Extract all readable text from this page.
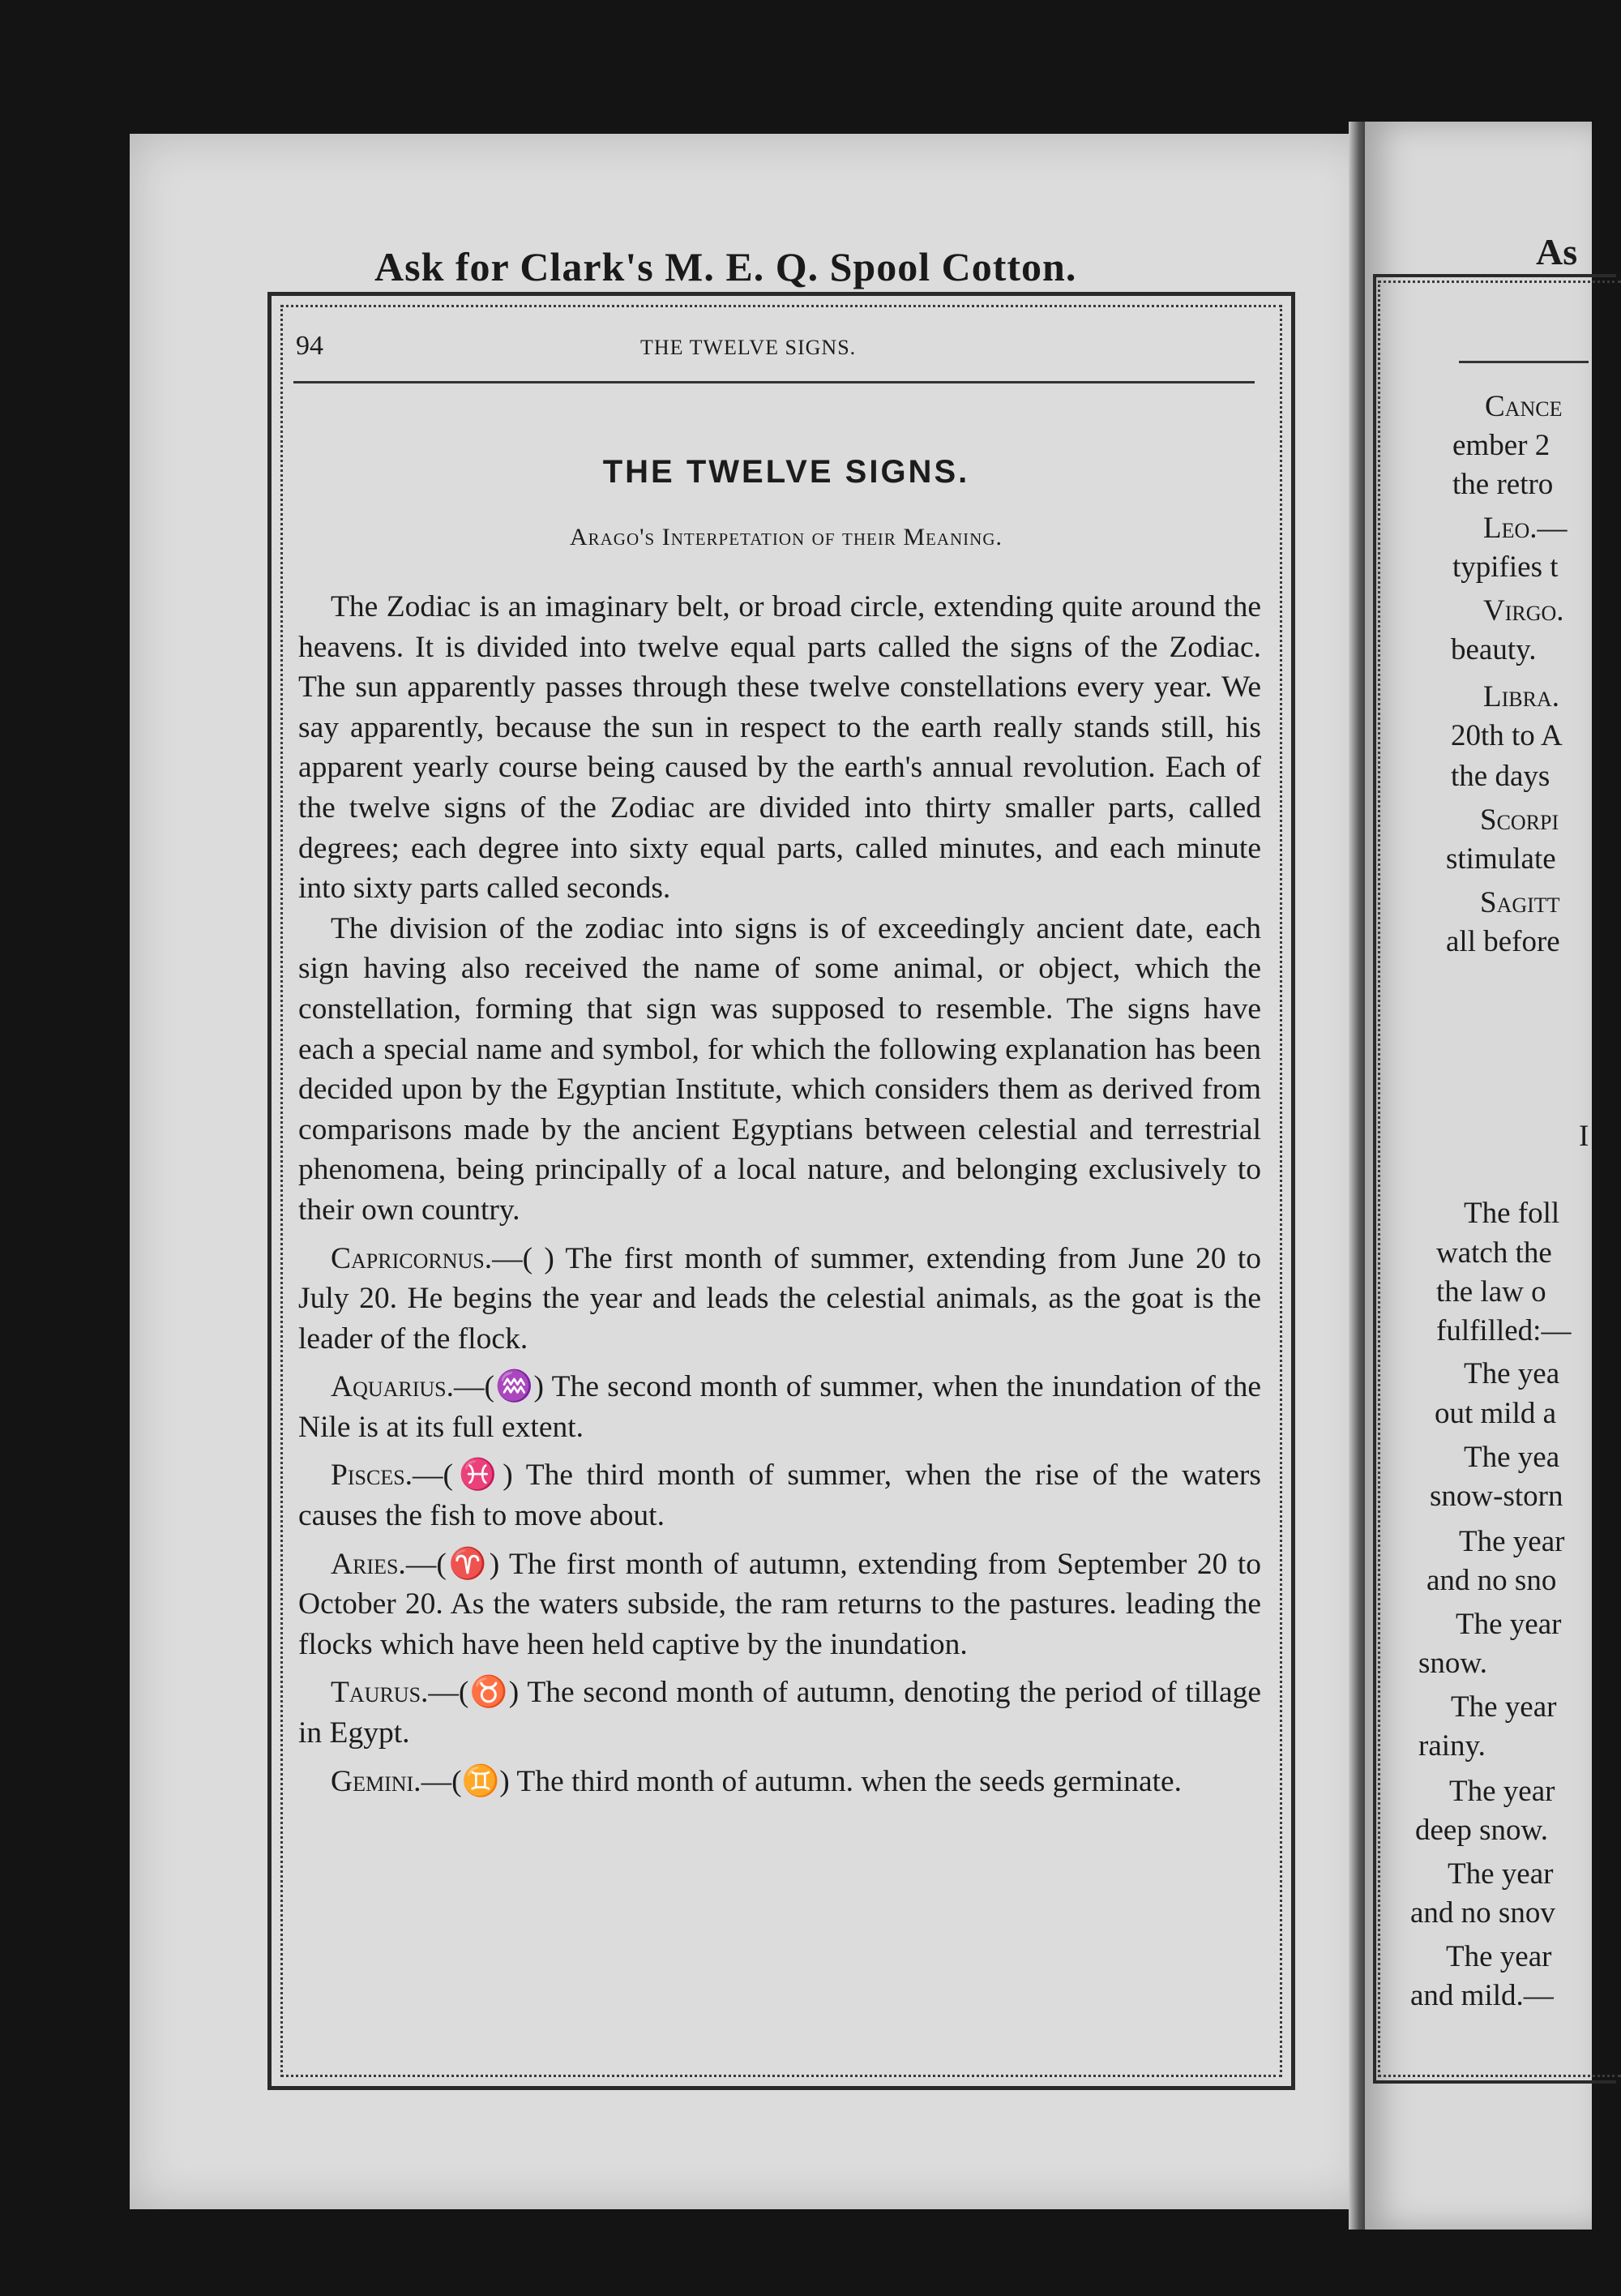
Ask for Clark's M. E. Q. Spool Cotton.
94	THE TWELVE SIGNS.
THE TWELVE SIGNS.
Arago's Interpetation of their Meaning.

The Zodiac is an imaginary belt, or broad circle, extending quite around the heavens. It is divided into twelve equal parts called the signs of the Zodiac. The sun apparently passes through these twelve constellations every year. We say apparently, because the sun in respect to the earth really stands still, his apparent yearly course being caused by the earth's annual revolution. Each of the twelve signs of the Zodiac are divided into thirty smaller parts, called degrees; each degree into sixty equal parts, called minutes, and each minute into sixty parts called seconds.

The division of the zodiac into signs is of exceedingly ancient date, each sign having also received the name of some animal, or object, which the constellation, forming that sign was supposed to resemble. The signs have each a special name and symbol, for which the following explanation has been decided upon by the Egyptian Institute, which considers them as derived from comparisons made by the ancient Egyptians between celestial and terrestrial phenomena, being principally of a local nature, and belonging exclusively to their own country.

Capricornus.—( ) The first month of summer, extending from June 20 to July 20. He begins the year and leads the celestial animals, as the goat is the leader of the flock.

Aquarius.—(♒) The second month of summer, when the inundation of the Nile is at its full extent.

Pisces.—(♓) The third month of summer, when the rise of the waters causes the fish to move about.

Aries.—(♈) The first month of autumn, extending from September 20 to October 20. As the waters subside, the ram returns to the pastures. leading the flocks which have heen held captive by the inundation.

Taurus.—(♉) The second month of autumn, denoting the period of tillage in Egypt.

Gemini.—(♊) The third month of autumn. when the seeds germinate.

As
Cance
ember 2
the retro
Leo.—
typifies t
Virgo.
beauty.
Libra.
20th to A
the days
Scorpi
stimulate
Sagitt
all before
I
The foll
watch the
the law o
fulfilled:—
The yea
out mild a
The yea
snow-storn
The year
and no sno
The year
snow.
The year
rainy.
The year
deep snow.
The year
and no snov
The year
and mild.—
